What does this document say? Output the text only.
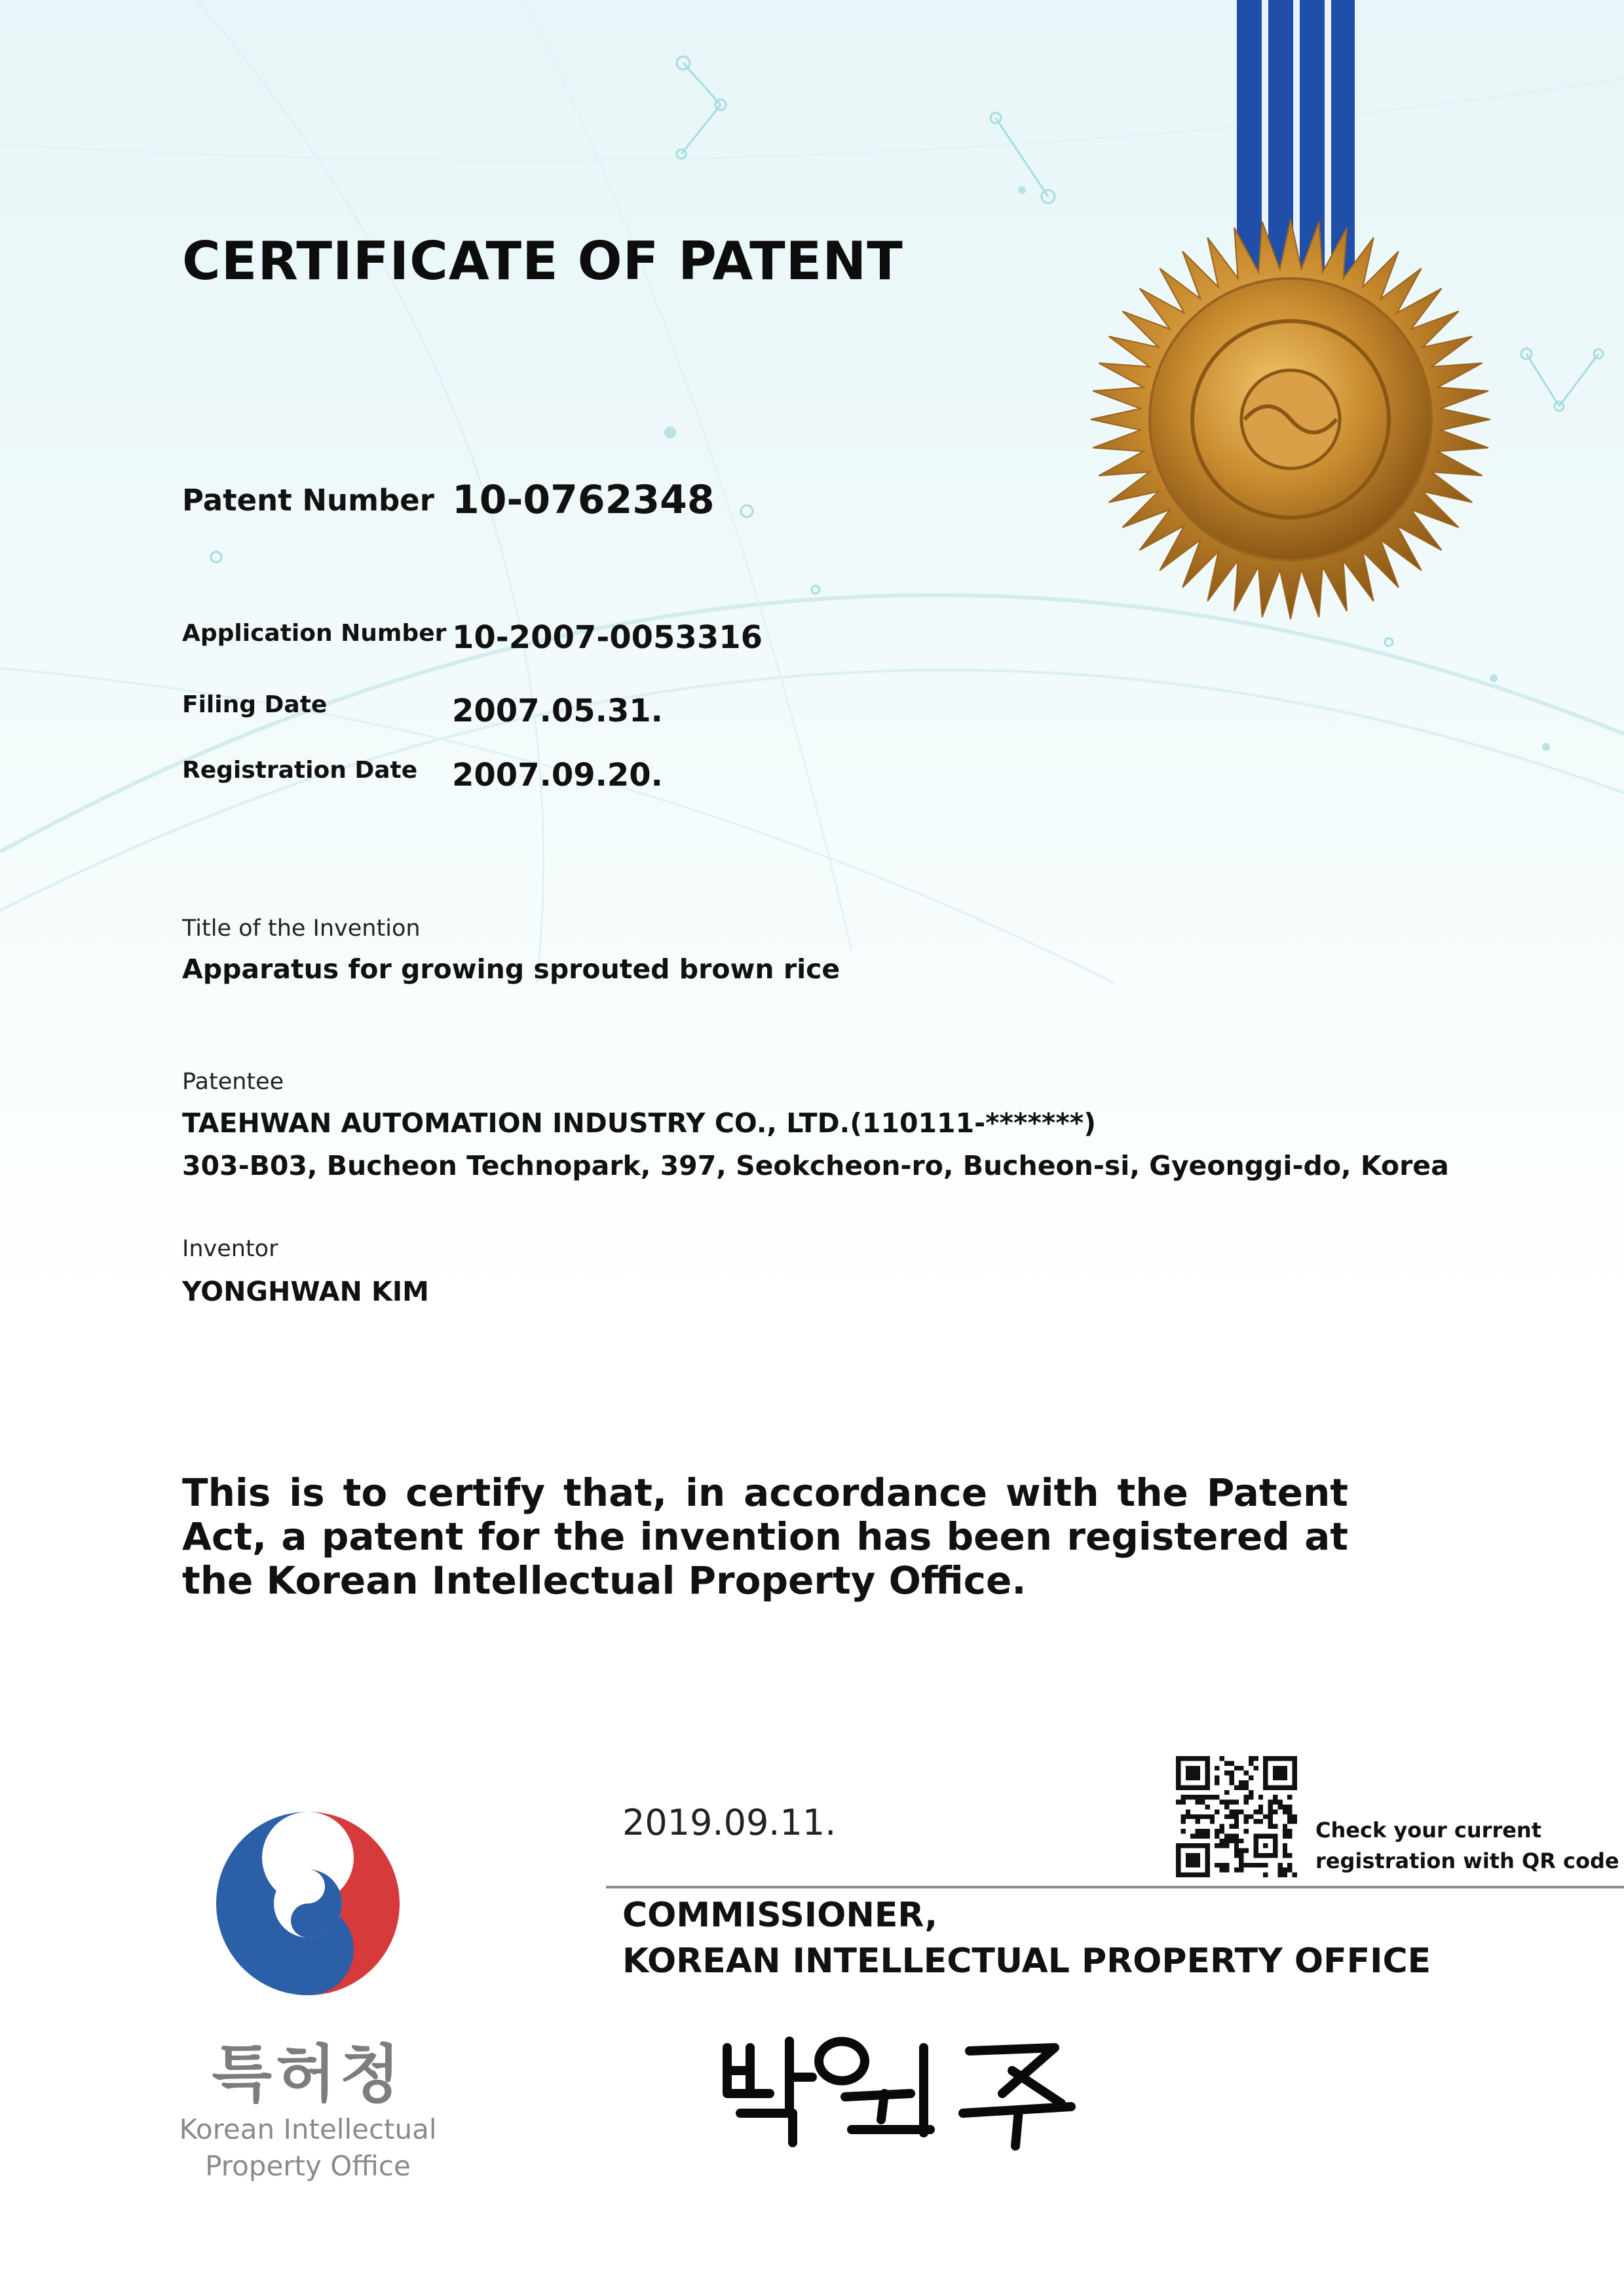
CERTIFICATE OF PATENT
Patent Number 10-0762348
Application Number 10-2007-0053316
Filing Date	2007.05.31.
Registration Date 2007.09.20.
Title of the Invention
Apparatus for growing sprouted brown rice
Patentee
TAEHWAN AUTOMATION INDUSTRY CO., LTD.(110111-*******)
303-B03, Bucheon Technopark, 397, Seokcheon-ro, Bucheon-si, Gyeonggi-do, Korea
Inventor
YONGHWAN KIM
This is to certify that, in accordance with the Patent Act, a patent for the invention has been registered at the Korean Intellectual Property Office.
2019.09.11.
COMMISSIONER,
KOREAN INTELLECTUAL PROPERTY OFFICE
Check your current
registration with QR code
특허청
Korean Intellectual
Property Office
